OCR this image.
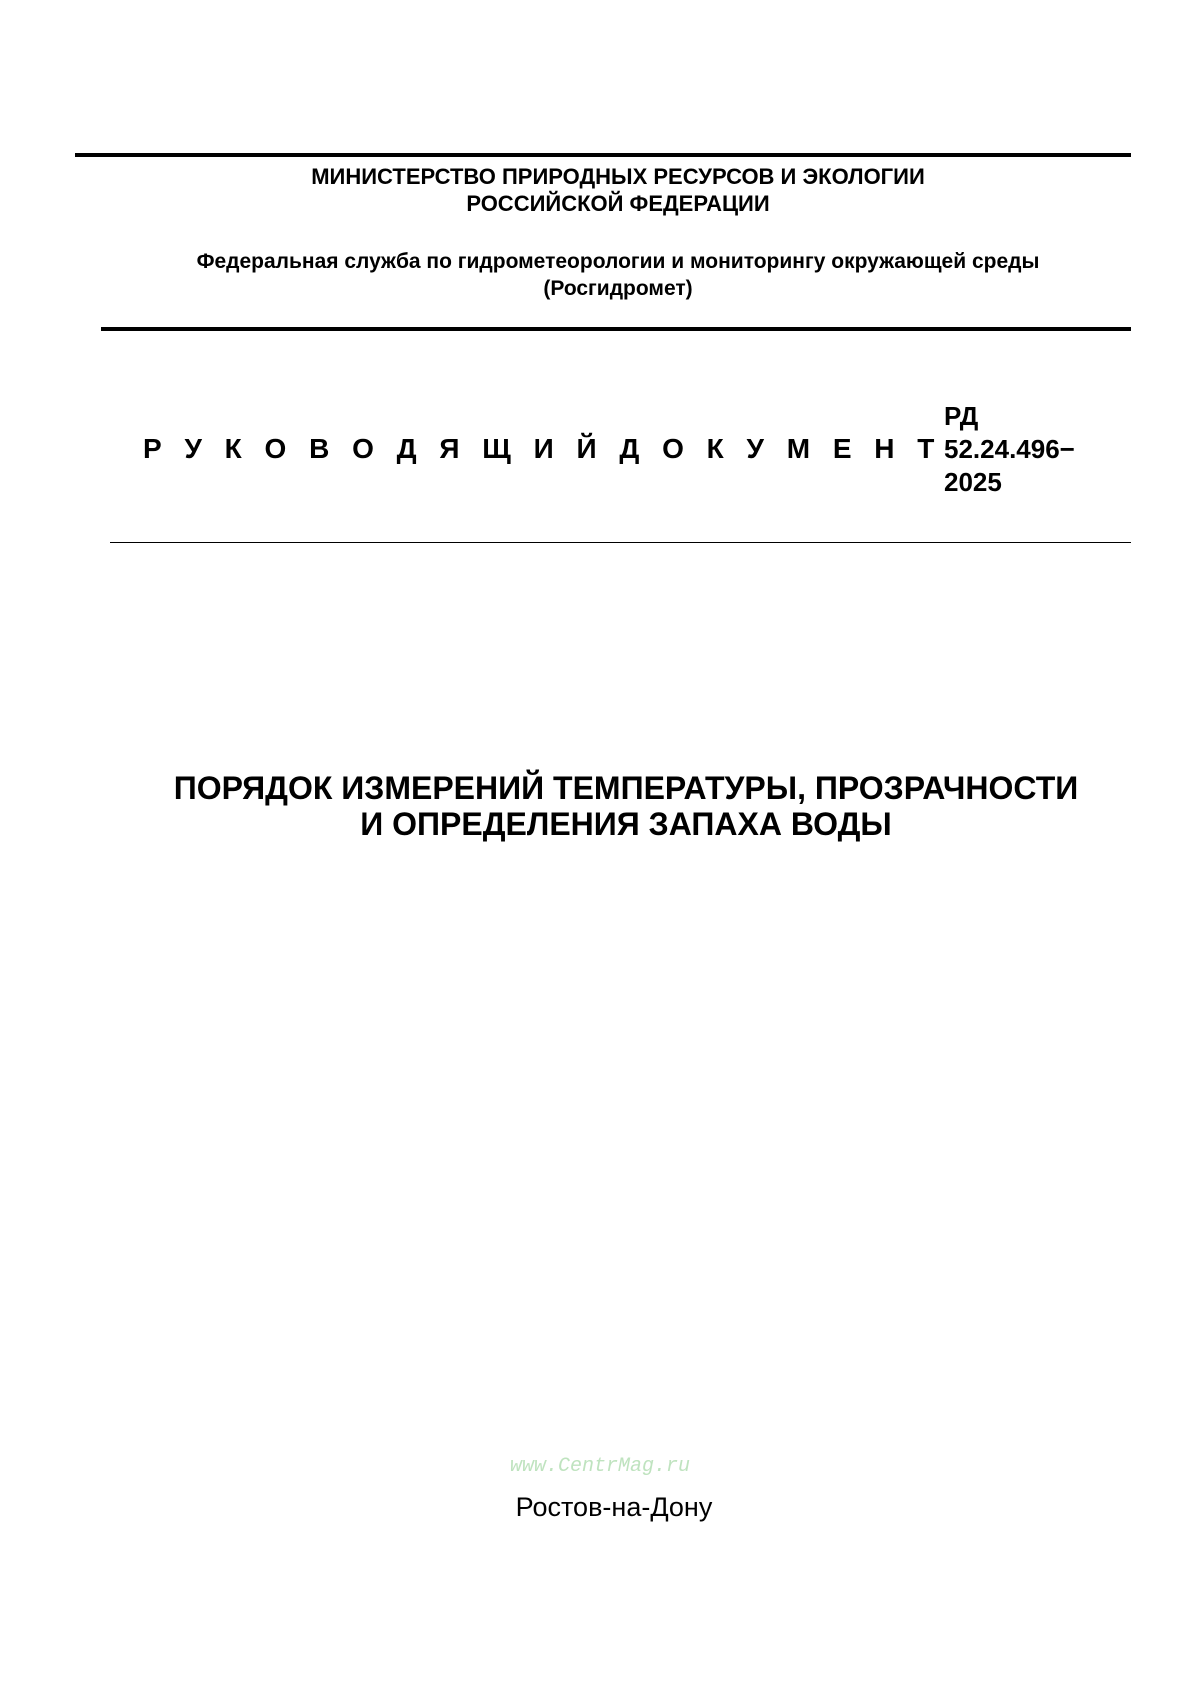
МИНИСТЕРСТВО ПРИРОДНЫХ РЕСУРСОВ И ЭКОЛОГИИ
РОССИЙСКОЙ ФЕДЕРАЦИИ
Федеральная служба по гидрометеорологии и мониторингу окружающей среды
(Росгидромет)
Р У К О В О Д Я Щ И Й Д О К У М Е Н Т
РД
52.24.496−
2025
ПОРЯДОК ИЗМЕРЕНИЙ ТЕМПЕРАТУРЫ, ПРОЗРАЧНОСТИ
И ОПРЕДЕЛЕНИЯ ЗАПАХА ВОДЫ
www.CentrMag.ru
Ростов-на-Дону
